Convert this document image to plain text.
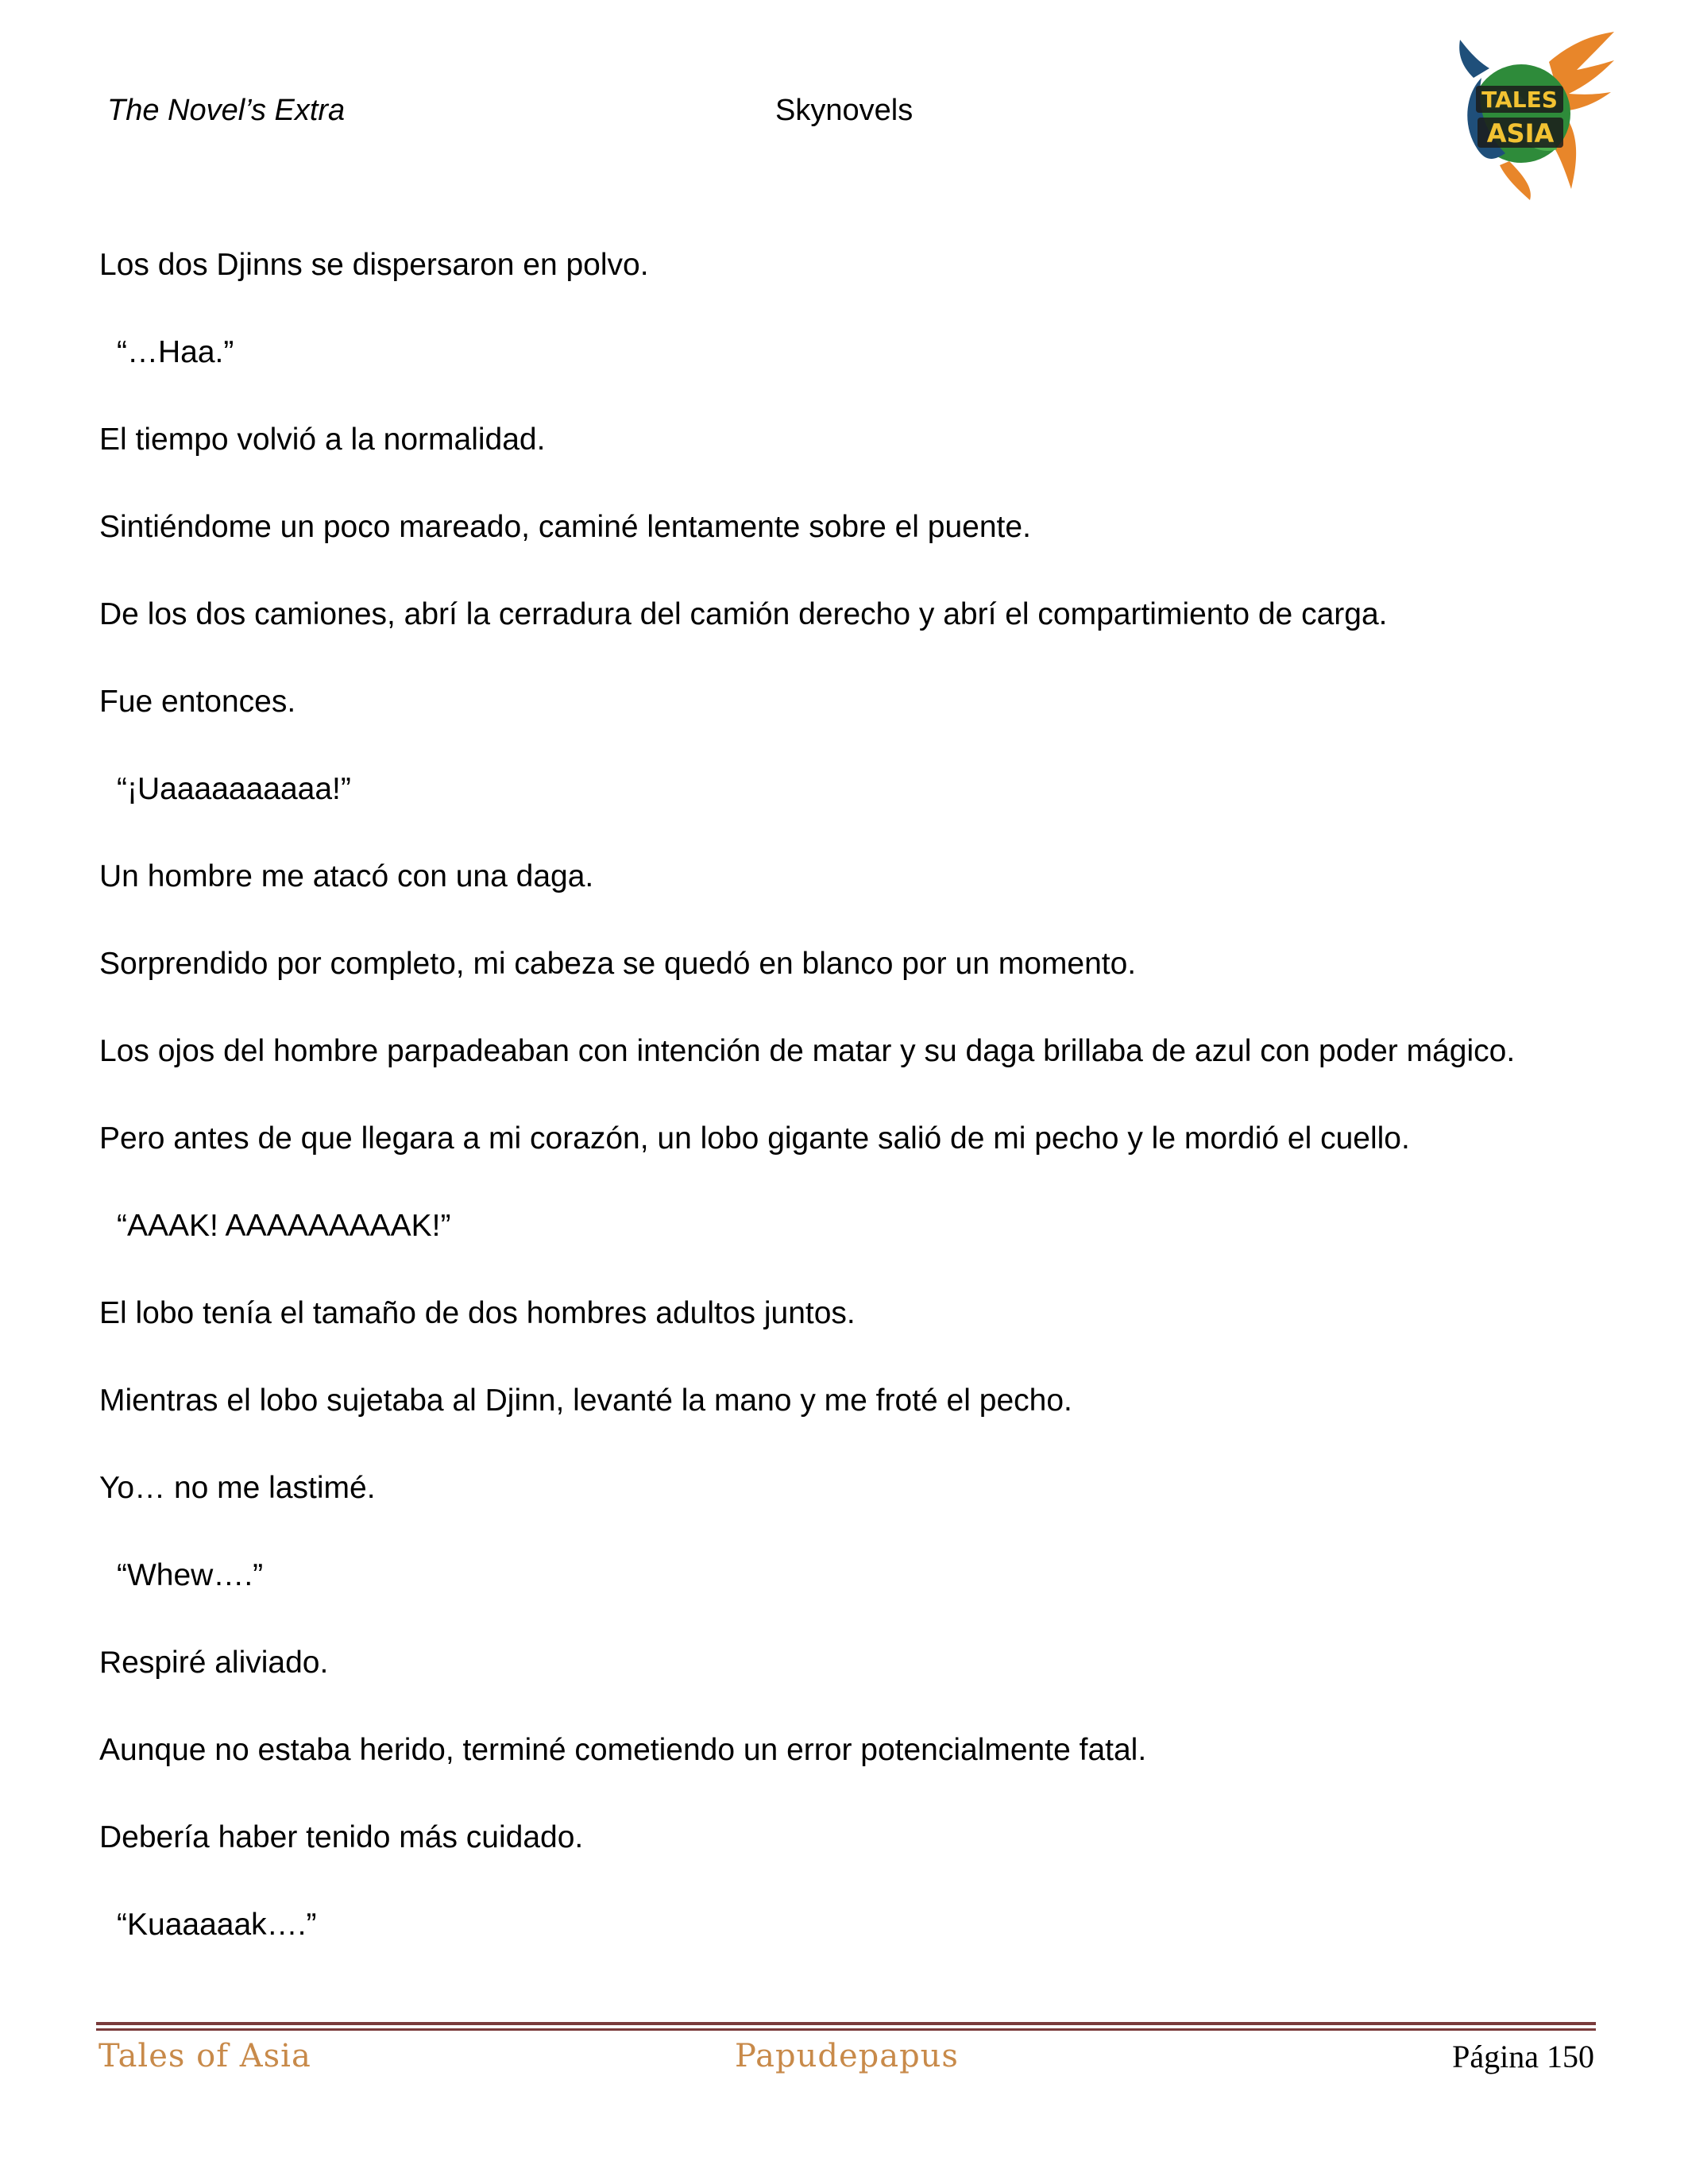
The Novel’s Extra	Skynovels	TALES
ASIA

Los dos Djinns se dispersaron en polvo.

“…Haa.”

El tiempo volvió a la normalidad.

Sintiéndome un poco mareado, caminé lentamente sobre el puente.

De los dos camiones, abrí la cerradura del camión derecho y abrí el compartimiento de carga.

Fue entonces.

“¡Uaaaaaaaaaa!”

Un hombre me atacó con una daga.

Sorprendido por completo, mi cabeza se quedó en blanco por un momento.

Los ojos del hombre parpadeaban con intención de matar y su daga brillaba de azul con poder mágico.

Pero antes de que llegara a mi corazón, un lobo gigante salió de mi pecho y le mordió el cuello.

“AAAK! AAAAAAAAAK!”

El lobo tenía el tamaño de dos hombres adultos juntos.

Mientras el lobo sujetaba al Djinn, levanté la mano y me froté el pecho.

Yo… no me lastimé.

“Whew….”

Respiré aliviado.

Aunque no estaba herido, terminé cometiendo un error potencialmente fatal.

Debería haber tenido más cuidado.

“Kuaaaaak….”

Tales of Asia	Papudepapus	Página 150
